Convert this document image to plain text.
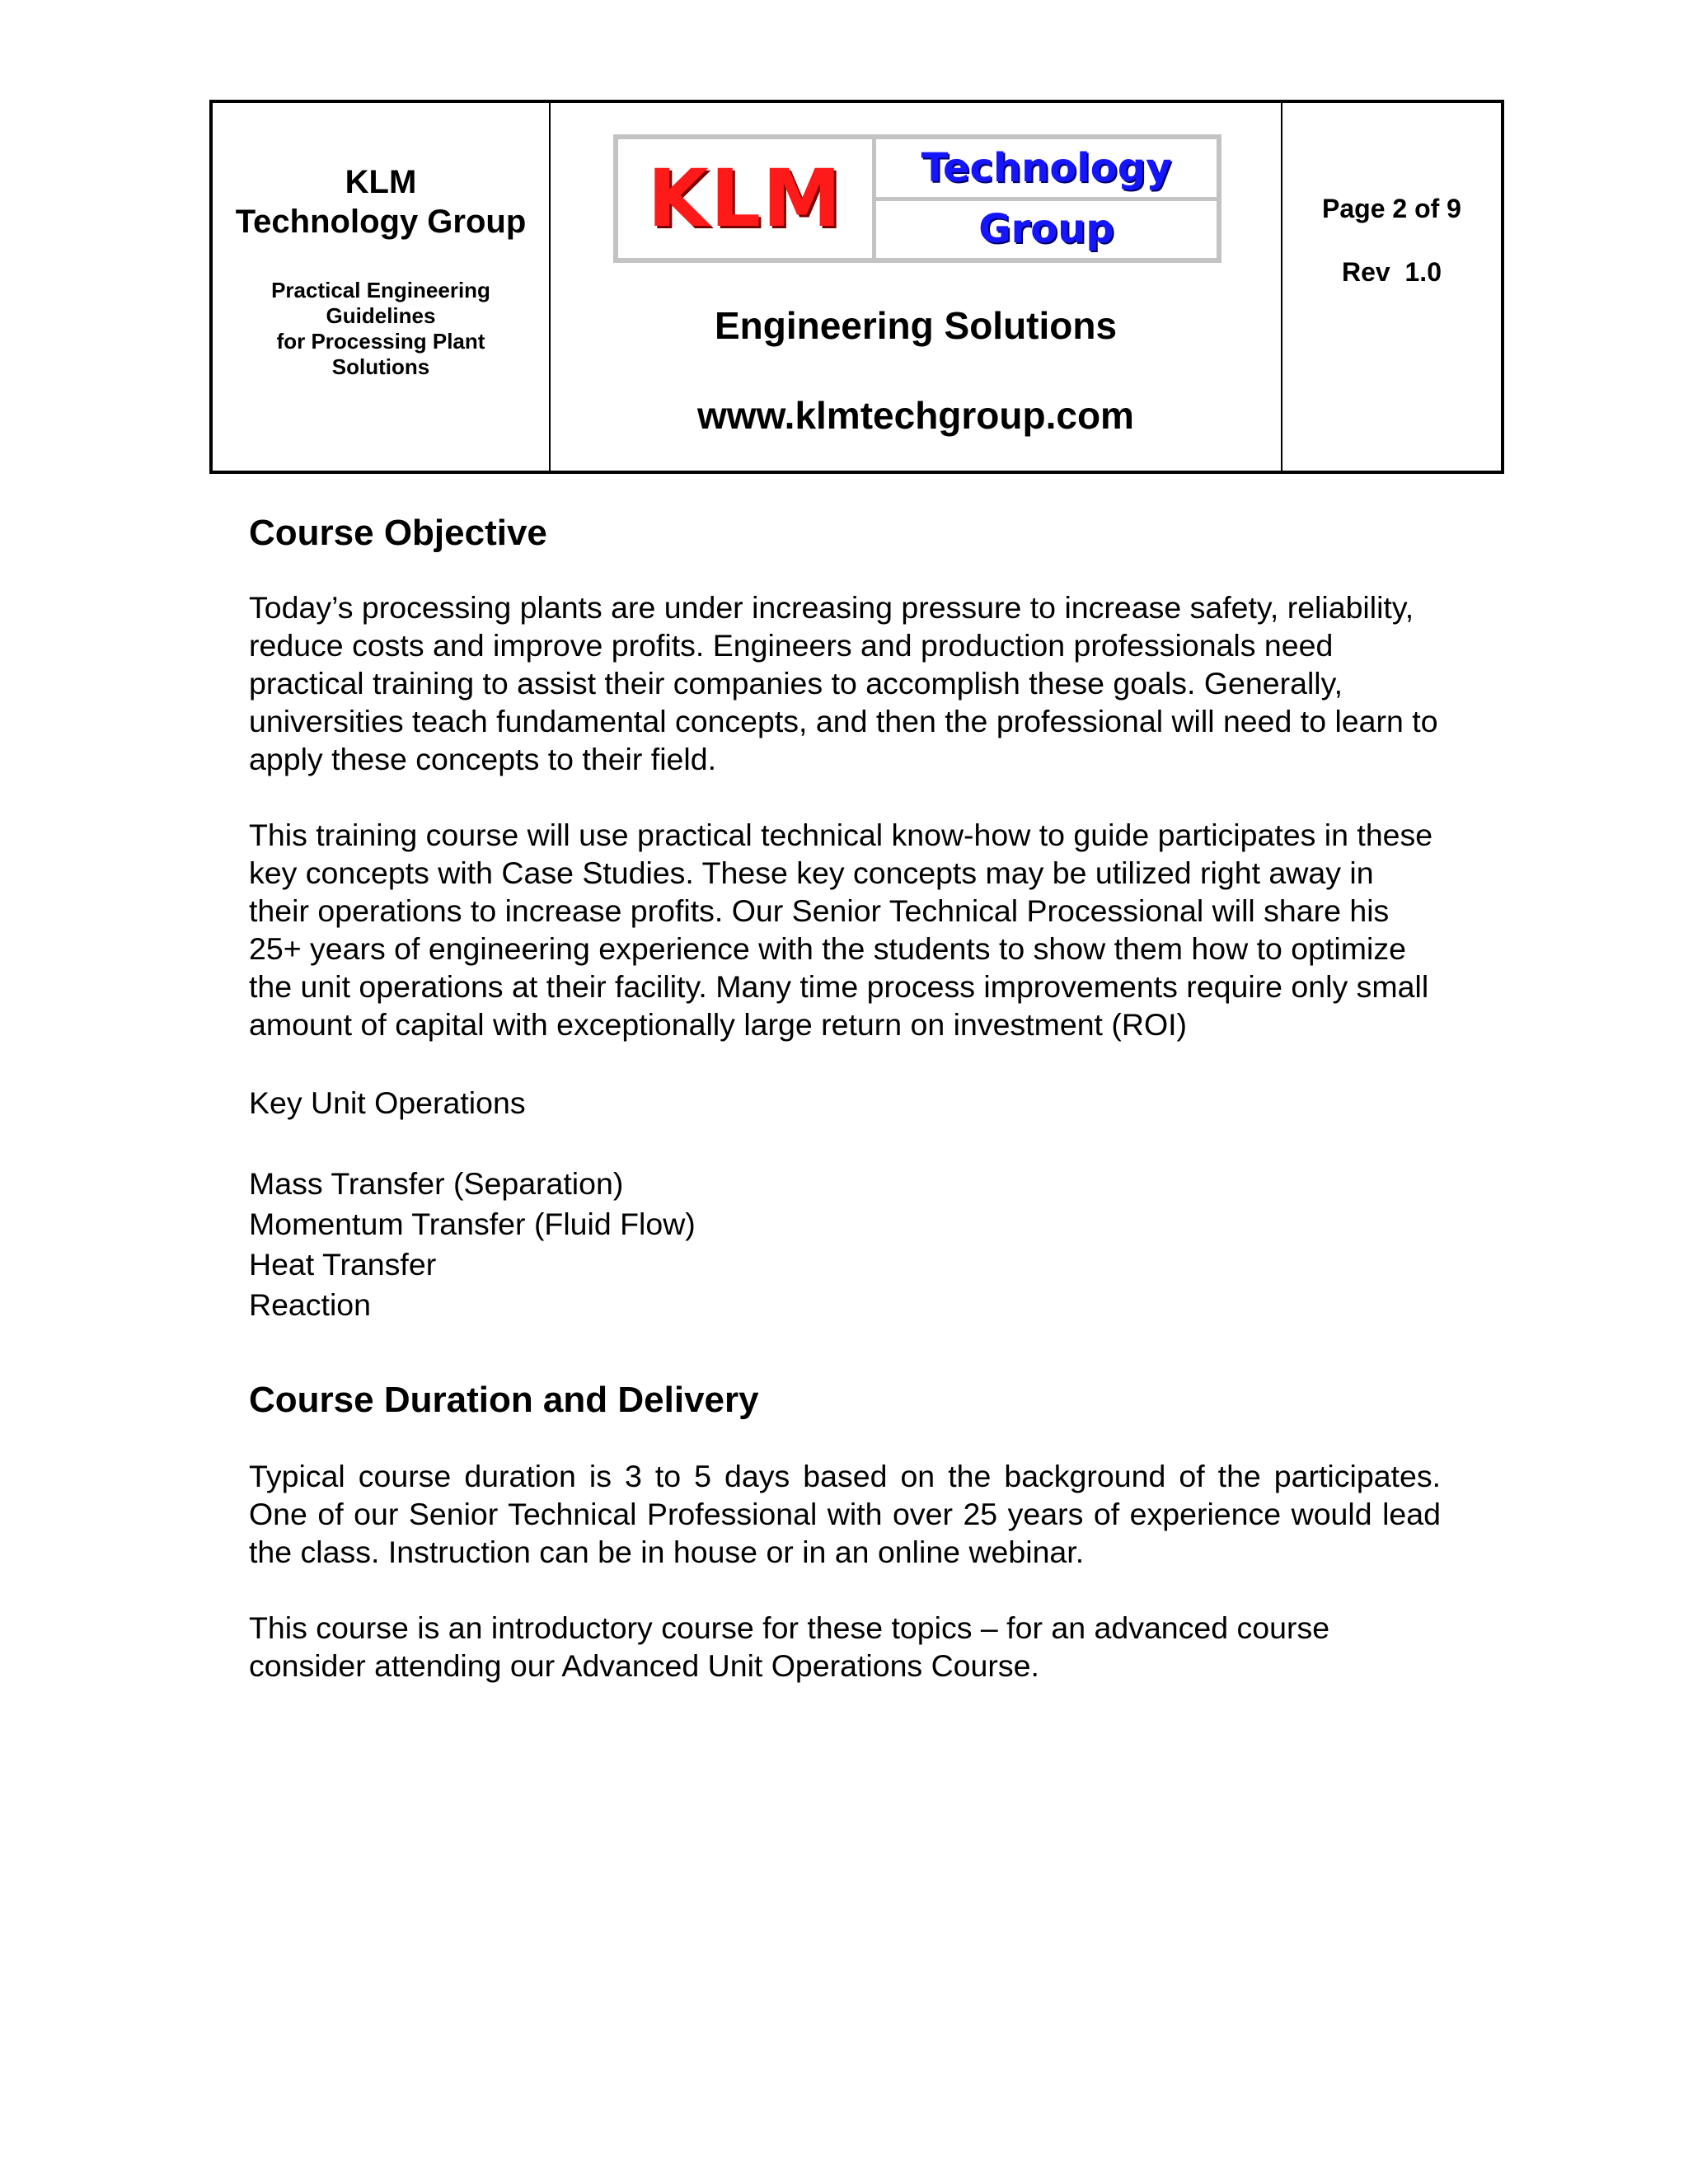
KLM
Technology Group
Practical Engineering
Guidelines
for Processing Plant
Solutions
KLM	Technology
Group
Engineering Solutions
www.klmtechgroup.com
Page 2 of 9
Rev  1.0
Course Objective

Today’s processing plants are under increasing pressure to increase safety, reliability, reduce costs and improve profits. Engineers and production professionals need practical training to assist their companies to accomplish these goals. Generally, universities teach fundamental concepts, and then the professional will need to learn to apply these concepts to their field.

This training course will use practical technical know-how to guide participates in these key concepts with Case Studies. These key concepts may be utilized right away in their operations to increase profits. Our Senior Technical Processional will share his 25+ years of engineering experience with the students to show them how to optimize the unit operations at their facility. Many time process improvements require only small amount of capital with exceptionally large return on investment (ROI)

Key Unit Operations

Mass Transfer (Separation)

Momentum Transfer (Fluid Flow)

Heat Transfer

Reaction

Course Duration and Delivery

Typical course duration is 3 to 5 days based on the background of the participates. One of our Senior Technical Professional with over 25 years of experience would lead the class. Instruction can be in house or in an online webinar.

This course is an introductory course for these topics – for an advanced course consider attending our Advanced Unit Operations Course.
